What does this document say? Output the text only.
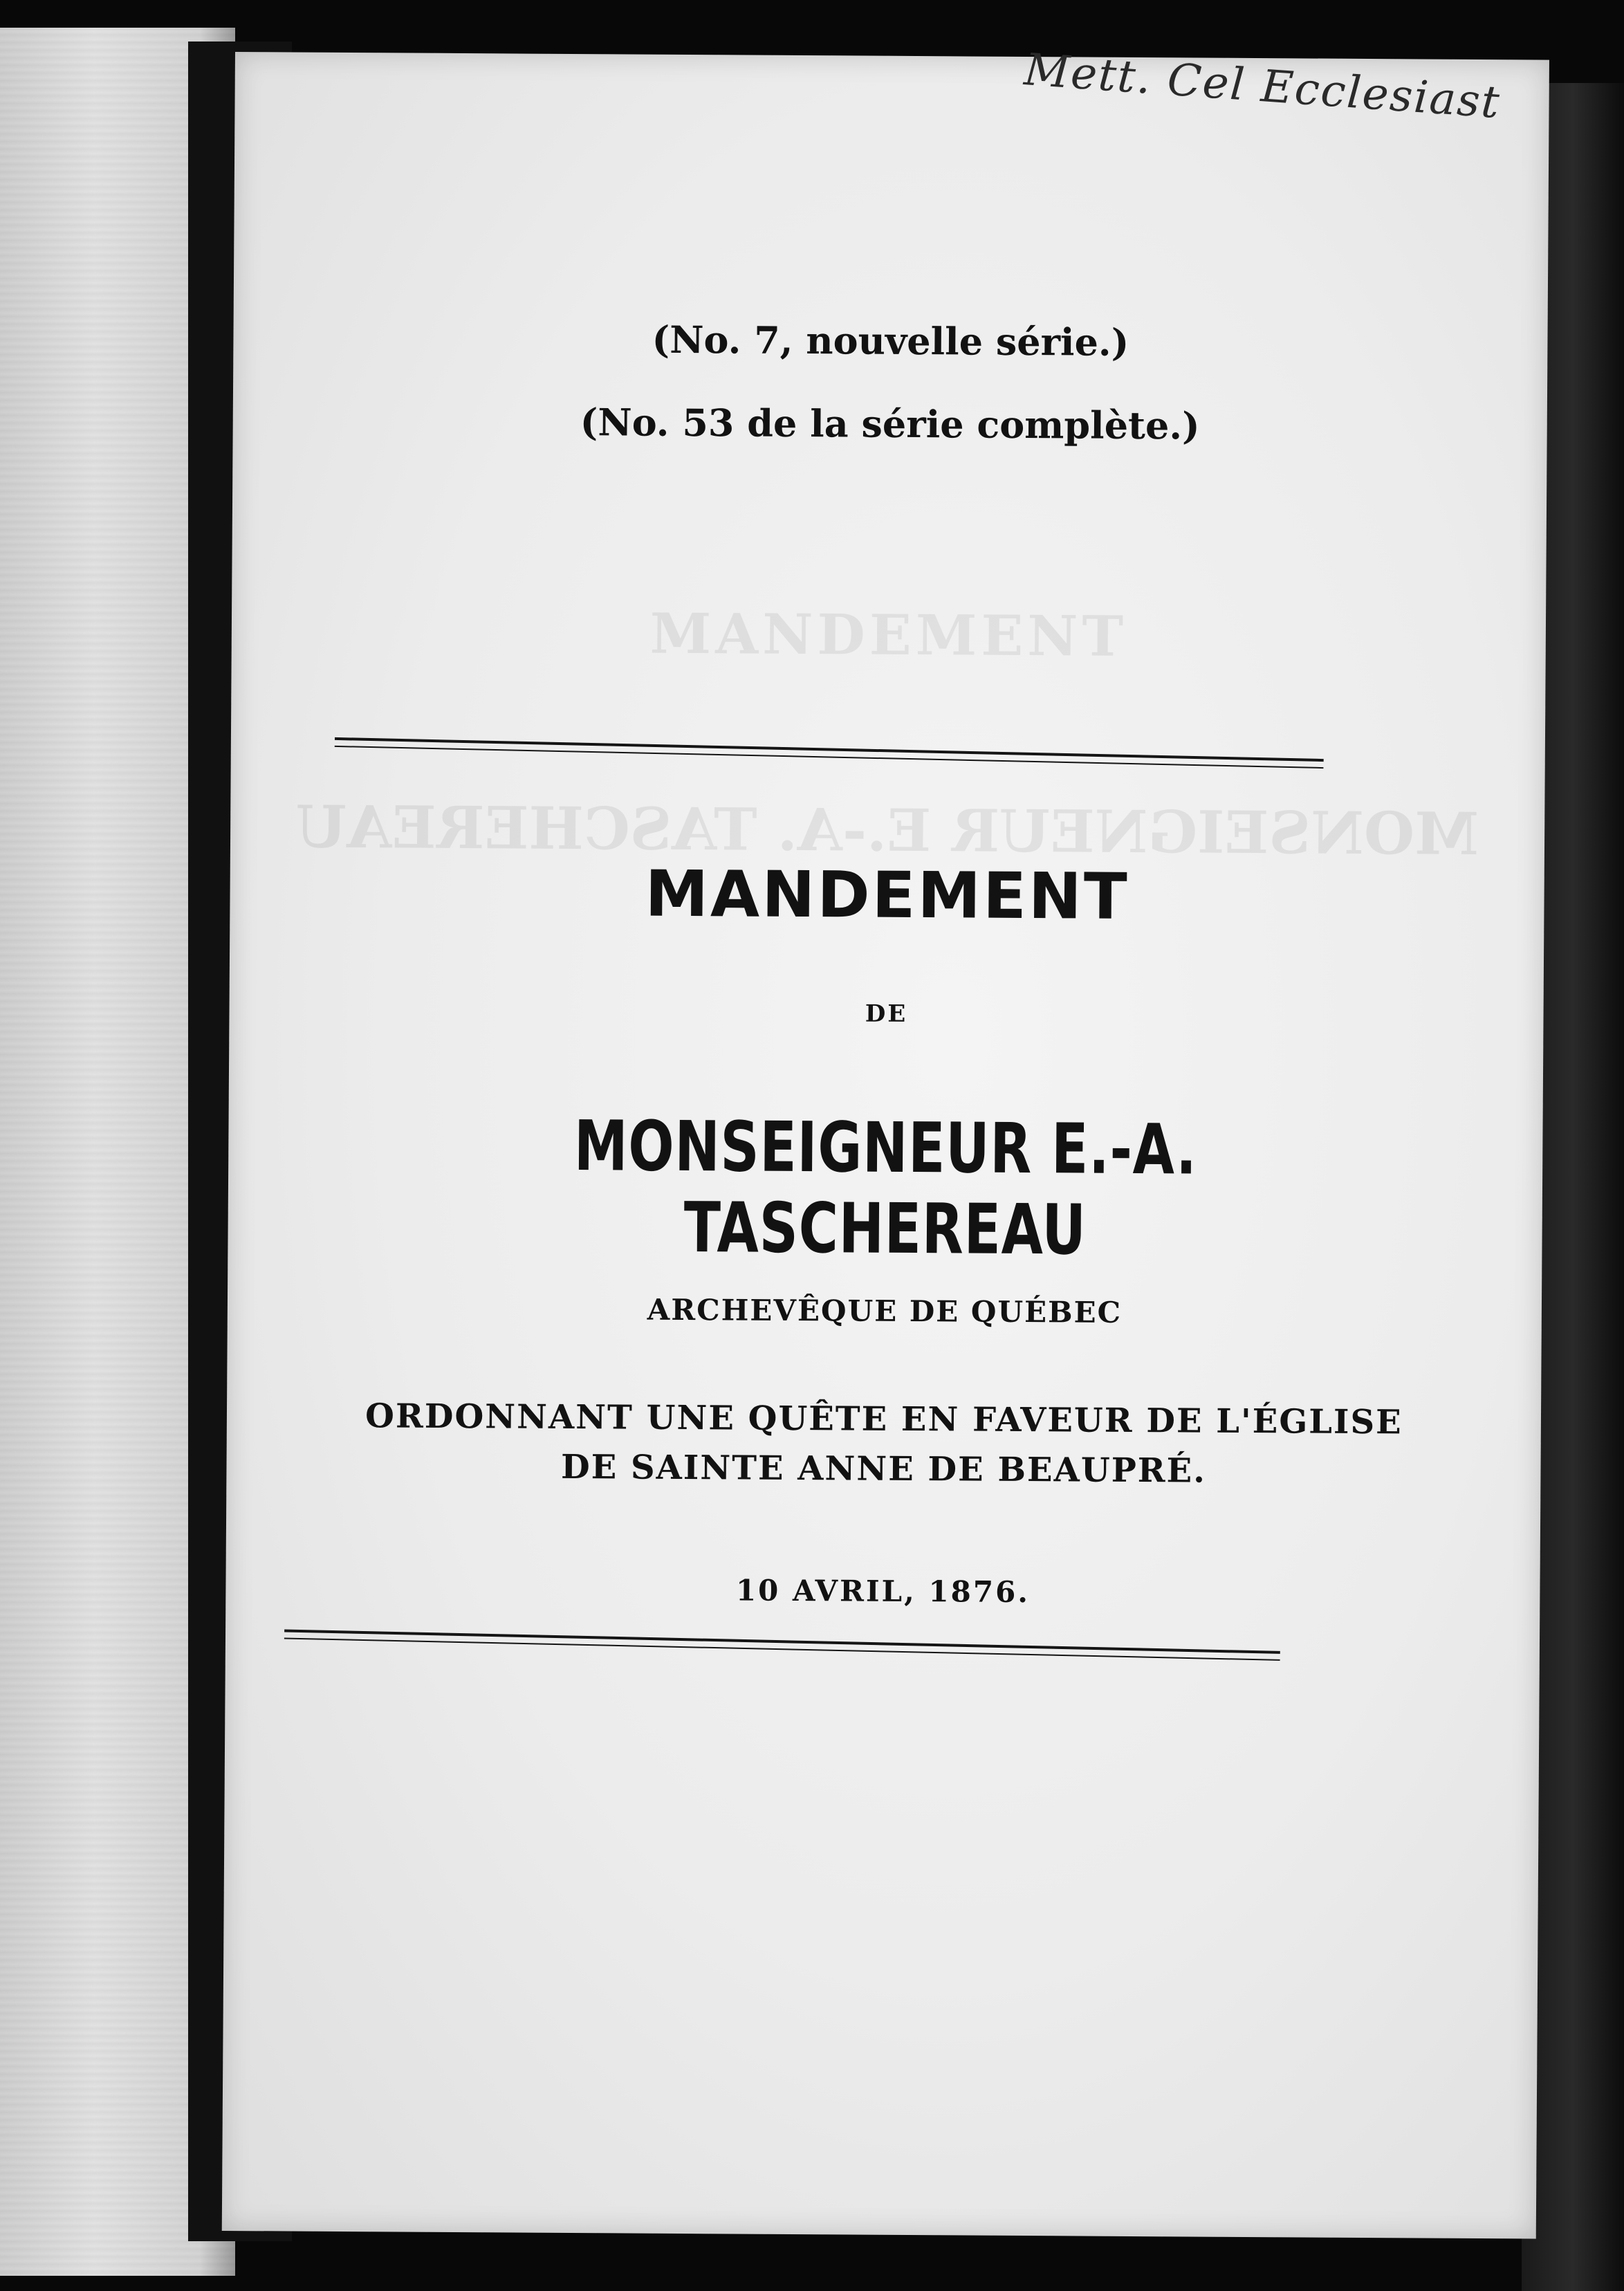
MANDEMENT
MONSEIGNEUR E.-A. TASCHEREAU
(No. 7, nouvelle série.)
(No. 53 de la série complète.)
MANDEMENT
DE
MONSEIGNEUR E.-A. TASCHEREAU
ARCHEVÊQUE DE QUÉBEC
ORDONNANT UNE QUÊTE EN FAVEUR DE L'ÉGLISE
DE SAINTE ANNE DE BEAUPRÉ.
10 AVRIL, 1876.
Mett. Cel Ecclesiast
